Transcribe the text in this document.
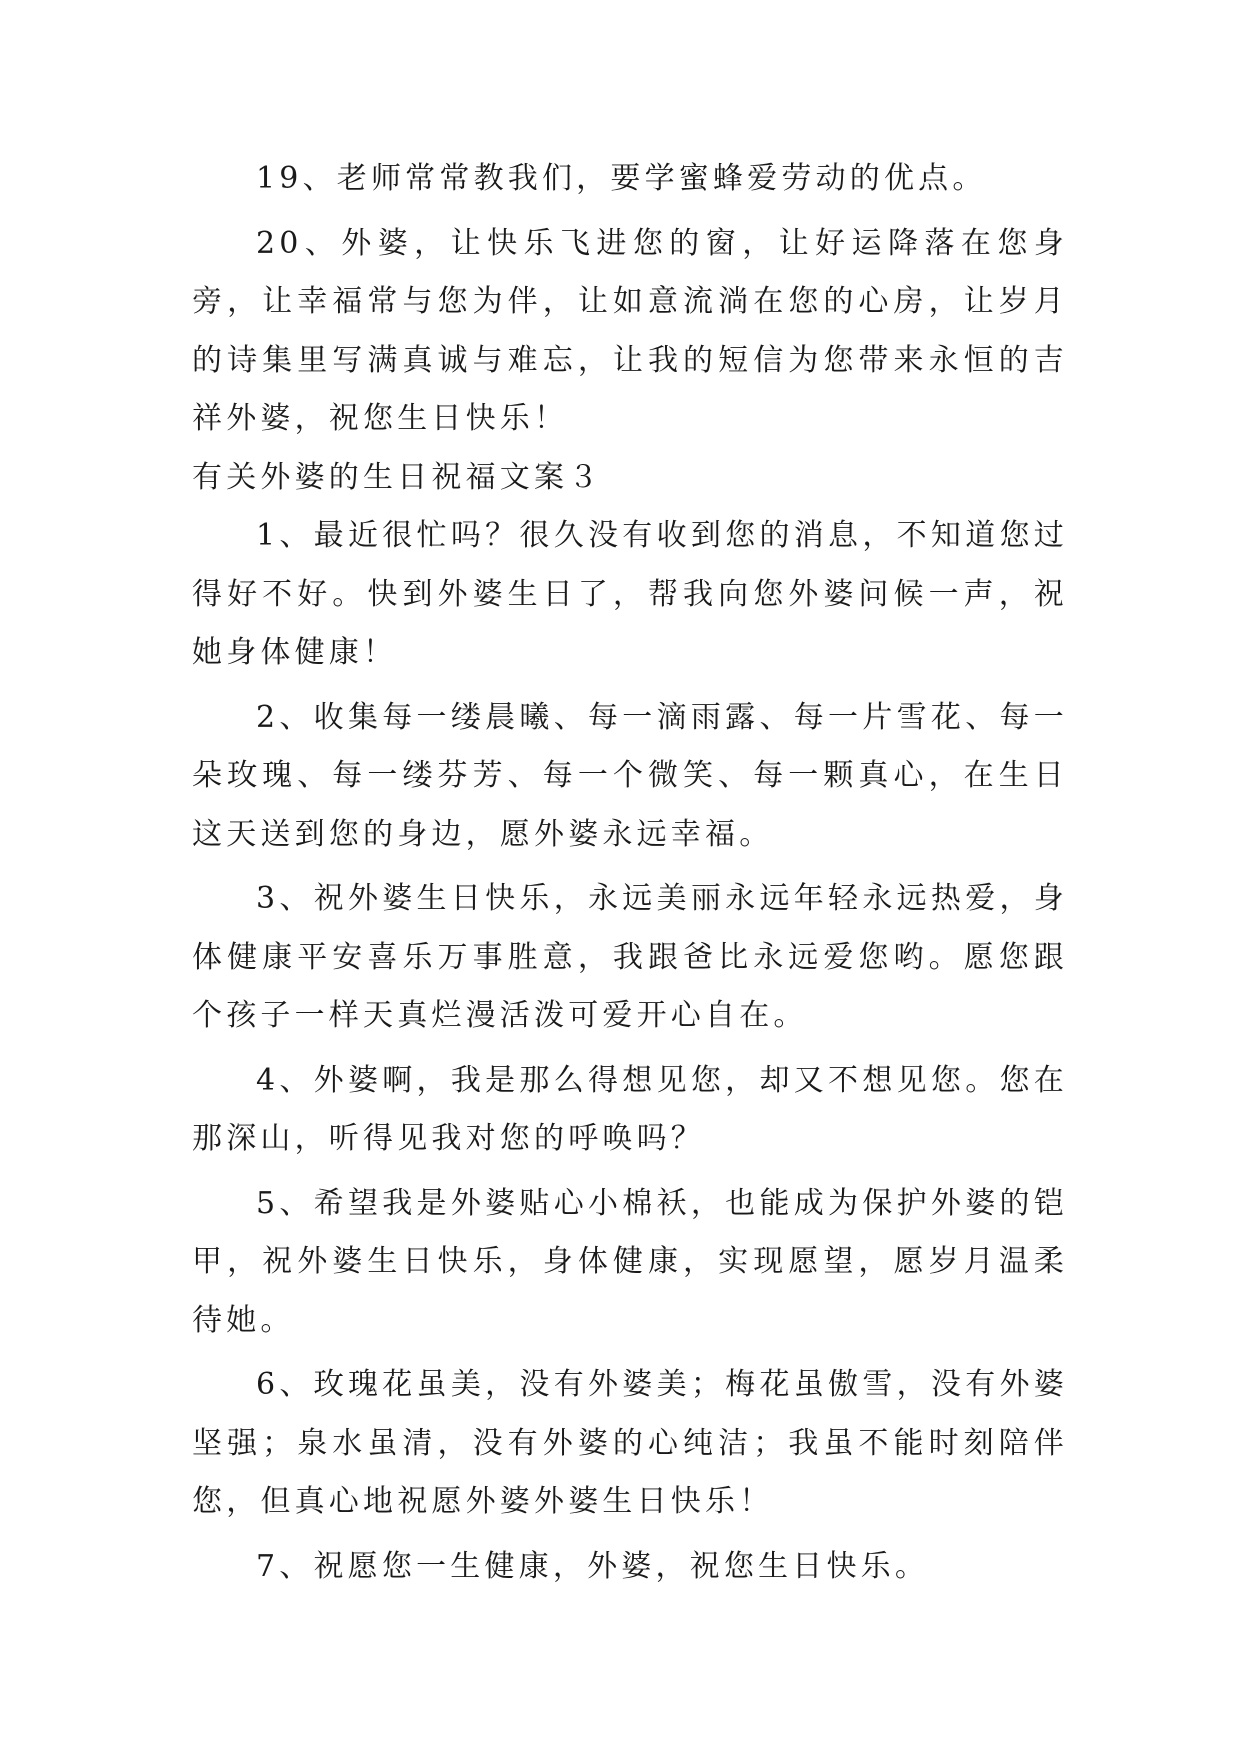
19、老师常常教我们，要学蜜蜂爱劳动的优点。

20、外婆，让快乐飞进您的窗，让好运降落在您身旁，让幸福常与您为伴，让如意流淌在您的心房，让岁月的诗集里写满真诚与难忘，让我的短信为您带来永恒的吉祥外婆，祝您生日快乐！

有关外婆的生日祝福文案３

1、最近很忙吗？很久没有收到您的消息，不知道您过得好不好。快到外婆生日了，帮我向您外婆问候一声，祝她身体健康！

2、收集每一缕晨曦、每一滴雨露、每一片雪花、每一朵玫瑰、每一缕芬芳、每一个微笑、每一颗真心，在生日这天送到您的身边，愿外婆永远幸福。

3、祝外婆生日快乐，永远美丽永远年轻永远热爱，身体健康平安喜乐万事胜意，我跟爸比永远爱您哟。愿您跟个孩子一样天真烂漫活泼可爱开心自在。

4、外婆啊，我是那么得想见您，却又不想见您。您在那深山，听得见我对您的呼唤吗？

5、希望我是外婆贴心小棉袄，也能成为保护外婆的铠甲，祝外婆生日快乐，身体健康，实现愿望，愿岁月温柔待她。

6、玫瑰花虽美，没有外婆美；梅花虽傲雪，没有外婆坚强；泉水虽清，没有外婆的心纯洁；我虽不能时刻陪伴您，但真心地祝愿外婆外婆生日快乐！

7、祝愿您一生健康，外婆，祝您生日快乐。
